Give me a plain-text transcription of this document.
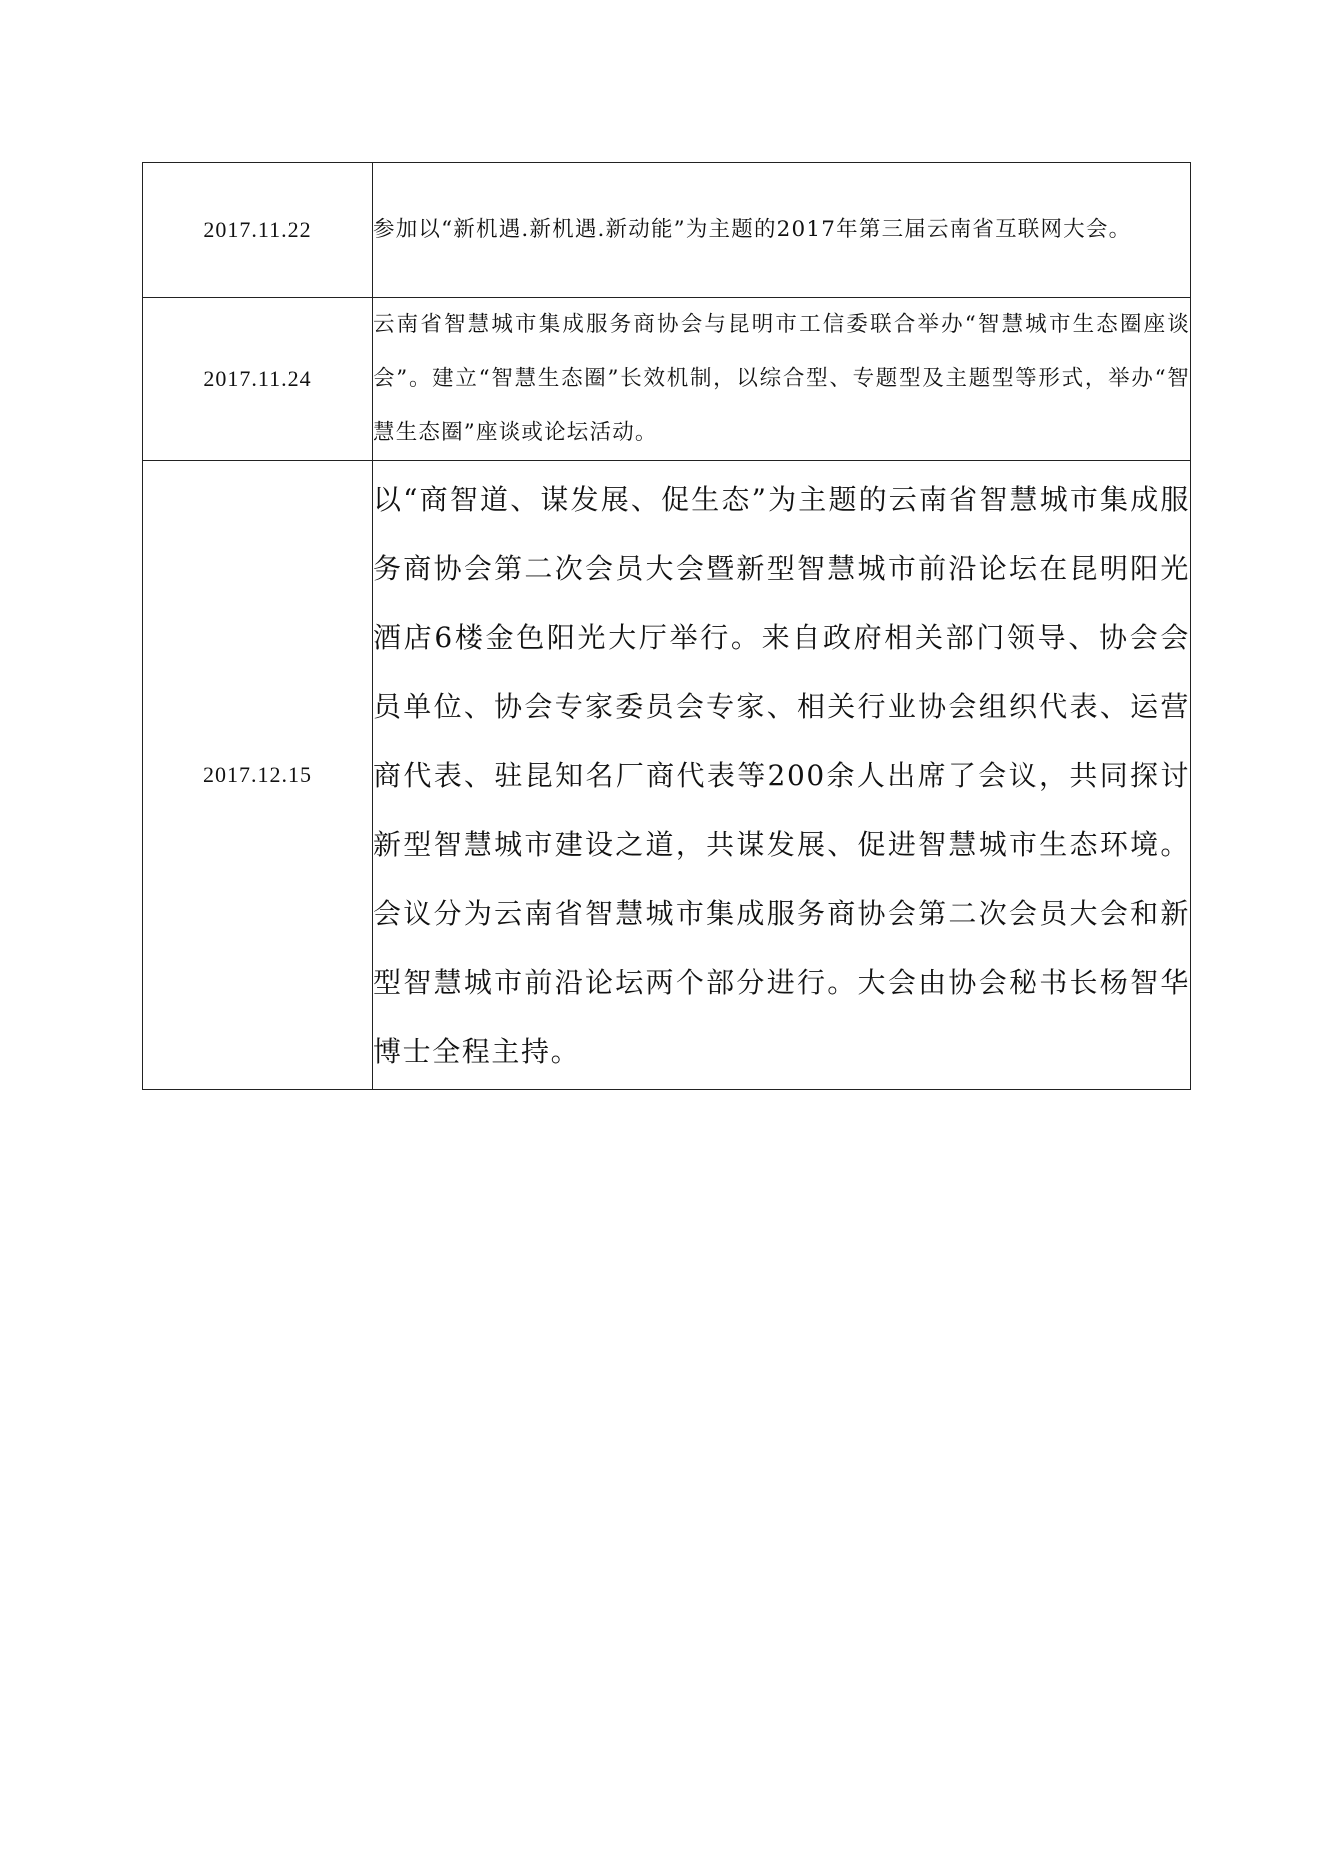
2017.11.22	参加以“新机遇.新机遇.新动能”为主题的2017年第三届云南省互联网大会。

2017.11.24	云南省智慧城市集成服务商协会与昆明市工信委联合举办“智慧城市生态圈座谈会”。建立“智慧生态圈”长效机制，以综合型、专题型及主题型等形式，举办“智慧生态圈”座谈或论坛活动。

2017.12.15	以“商智道、谋发展、促生态”为主题的云南省智慧城市集成服务商协会第二次会员大会暨新型智慧城市前沿论坛在昆明阳光酒店6楼金色阳光大厅举行。来自政府相关部门领导、协会会员单位、协会专家委员会专家、相关行业协会组织代表、运营商代表、驻昆知名厂商代表等200余人出席了会议，共同探讨新型智慧城市建设之道，共谋发展、促进智慧城市生态环境。会议分为云南省智慧城市集成服务商协会第二次会员大会和新型智慧城市前沿论坛两个部分进行。大会由协会秘书长杨智华博士全程主持。
